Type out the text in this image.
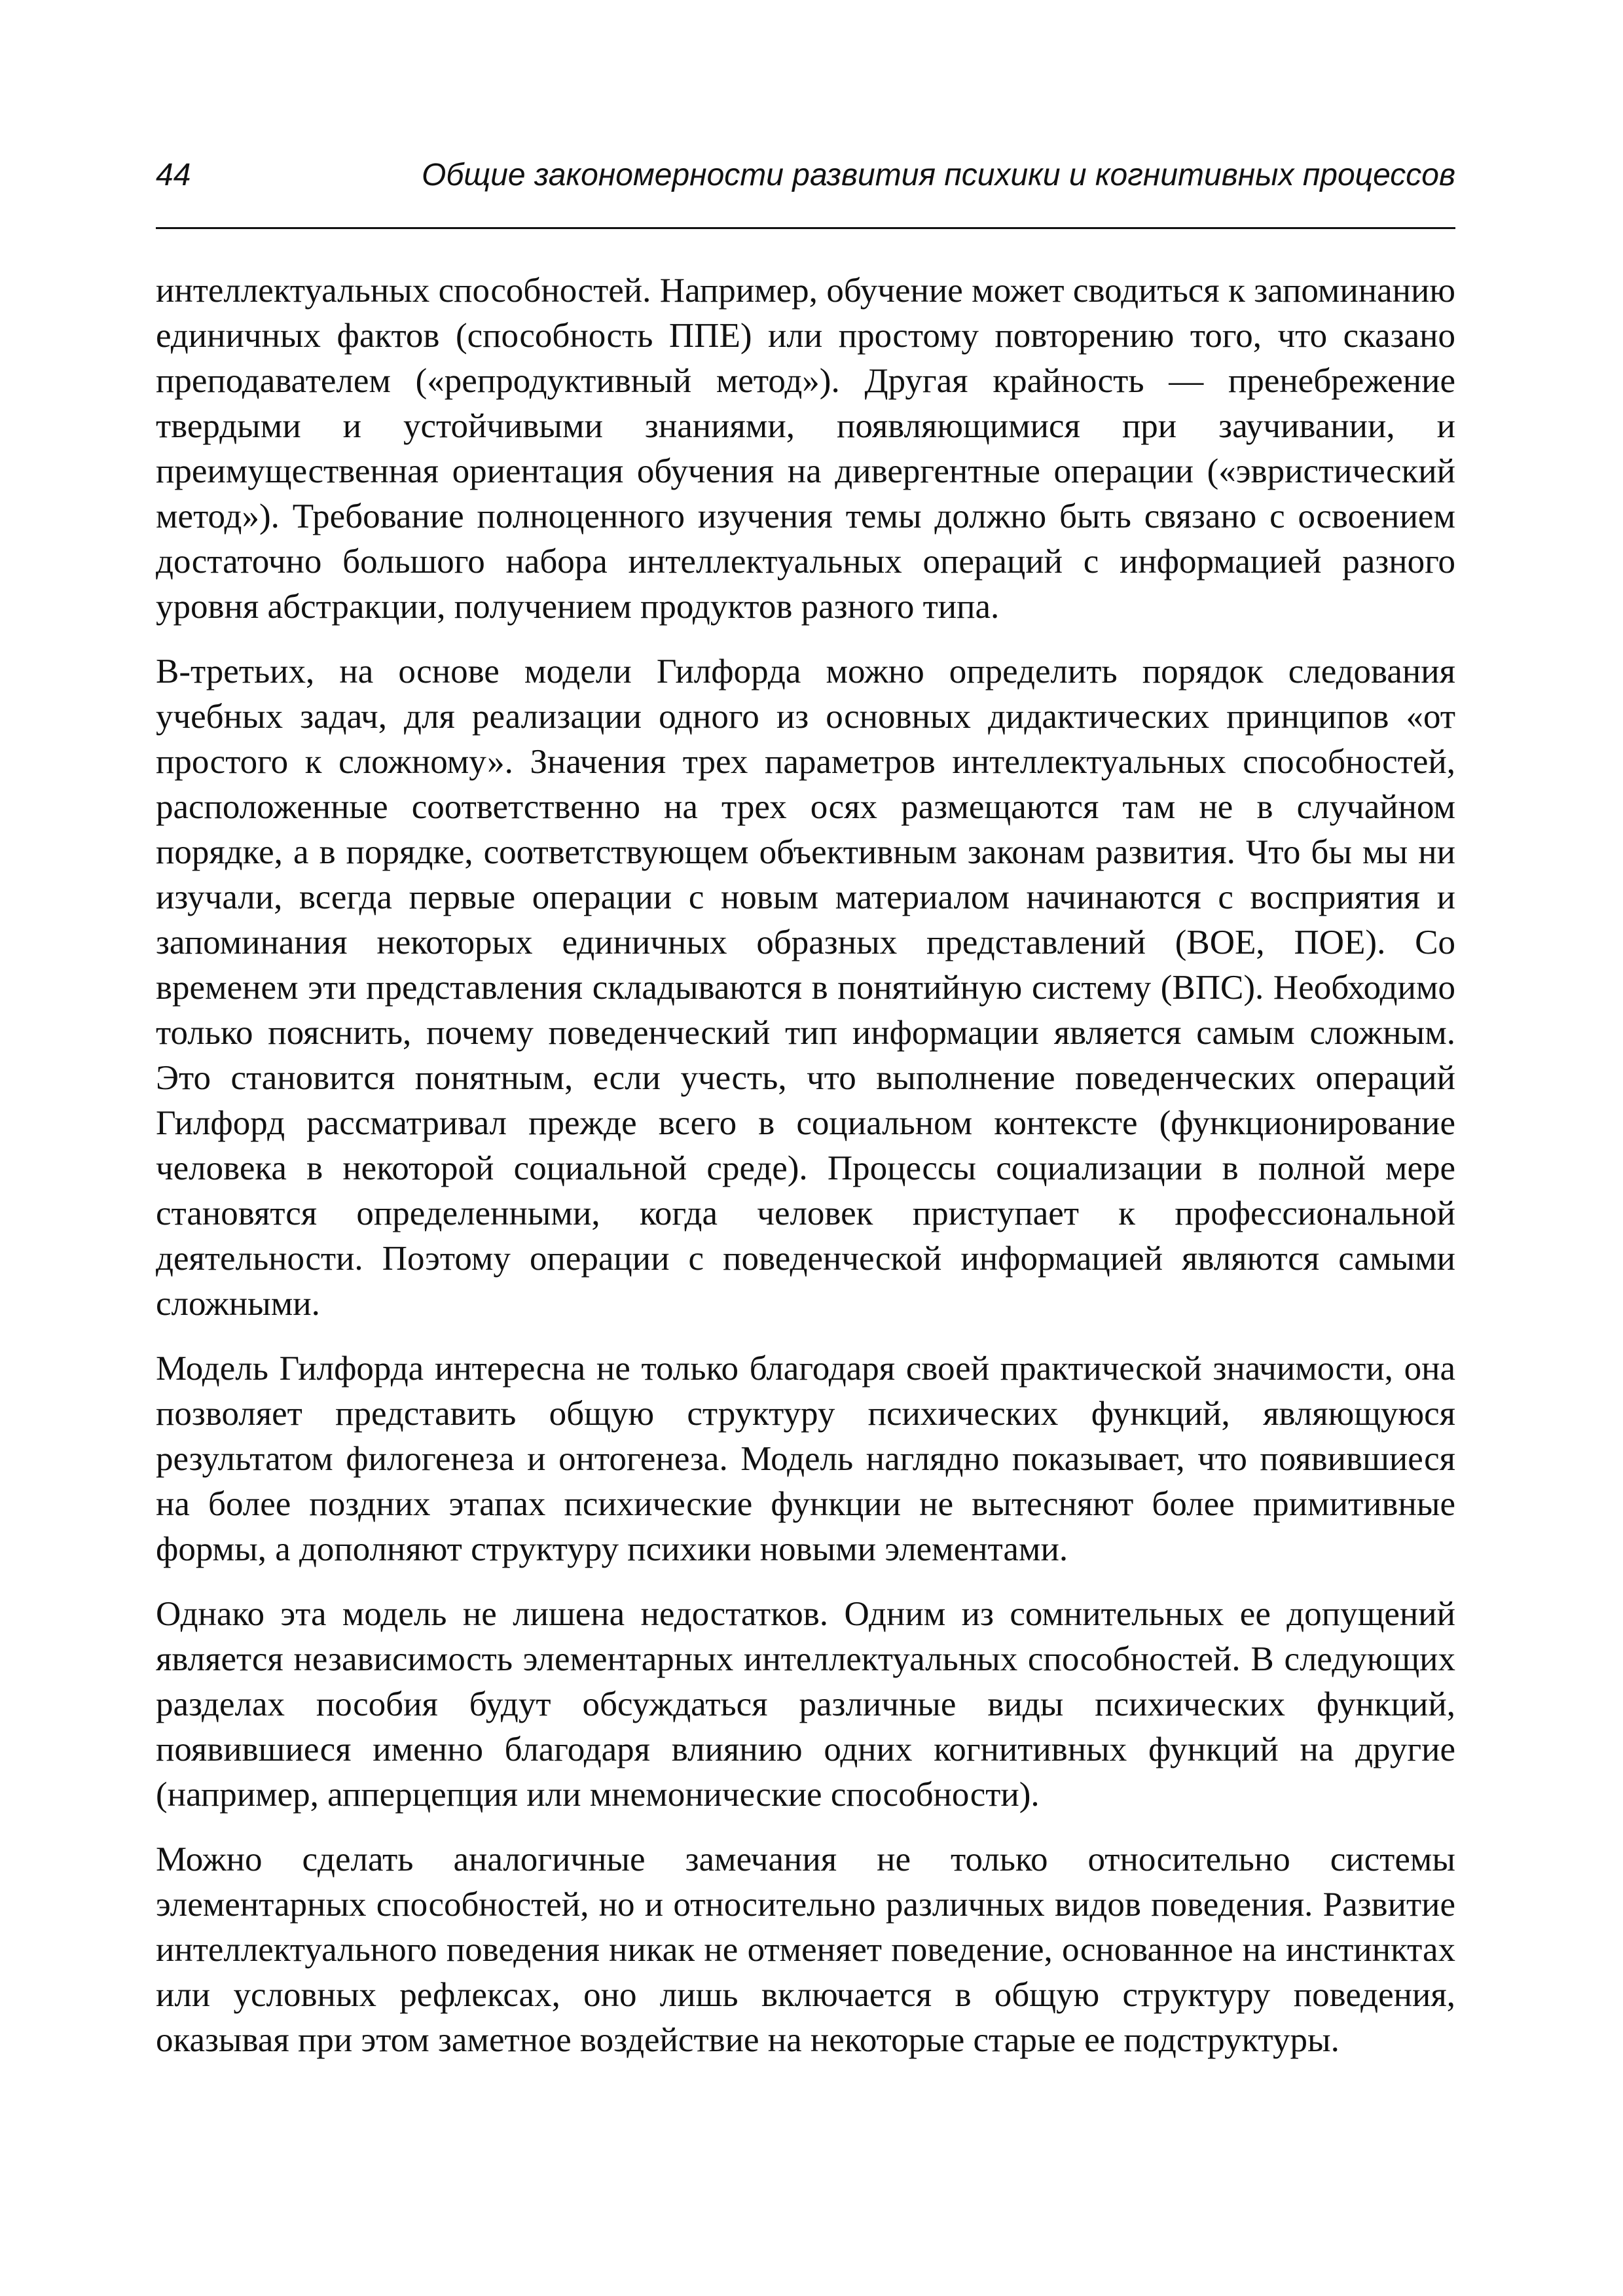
44	Общие закономерности развития психики и когнитивных процессов

интеллектуальных способностей. Например, обучение может сводиться к запоминанию единичных фактов (способность ППЕ) или простому повторению того, что сказано преподавателем («репродуктивный метод»). Другая крайность — пренебрежение твердыми и устойчивыми знаниями, появляющимися при заучивании, и преимущественная ориентация обучения на дивергентные операции («эвристический метод»). Требование полноценного изучения темы должно быть связано с освоением достаточно большого набора интеллектуальных операций с информацией разного уровня абстракции, получением продуктов разного типа.

В-третьих, на основе модели Гилфорда можно определить порядок следования учебных задач, для реализации одного из основных дидактических принципов «от простого к сложному». Значения трех параметров интеллектуальных способностей, расположенные соответственно на трех осях размещаются там не в случайном порядке, а в порядке, соответствующем объективным законам развития. Что бы мы ни изучали, всегда первые операции с новым материалом начинаются с восприятия и запоминания некоторых единичных образных представлений (ВОЕ, ПОЕ). Со временем эти представления складываются в понятийную систему (ВПС). Необходимо только пояснить, почему поведенческий тип информации является самым сложным. Это становится понятным, если учесть, что выполнение поведенческих операций Гилфорд рассматривал прежде всего в социальном контексте (функционирование человека в некоторой социальной среде). Процессы социализации в полной мере становятся определенными, когда человек приступает к профессиональной деятельности. Поэтому операции с поведенческой информацией являются самыми сложными.

Модель Гилфорда интересна не только благодаря своей практической значимости, она позволяет представить общую структуру психических функций, являющуюся результатом филогенеза и онтогенеза. Модель наглядно показывает, что появившиеся на более поздних этапах психические функции не вытесняют более примитивные формы, а дополняют структуру психики новыми элементами.

Однако эта модель не лишена недостатков. Одним из сомнительных ее допущений является независимость элементарных интеллектуальных способностей. В следующих разделах пособия будут обсуждаться различные виды психических функций, появившиеся именно благодаря влиянию одних когнитивных функций на другие (например, апперцепция или мнемонические способности).

Можно сделать аналогичные замечания не только относительно системы элементарных способностей, но и относительно различных видов поведения. Развитие интеллектуального поведения никак не отменяет поведение, основанное на инстинктах или условных рефлексах, оно лишь включается в общую структуру поведения, оказывая при этом заметное воздействие на некоторые старые ее подструктуры.
